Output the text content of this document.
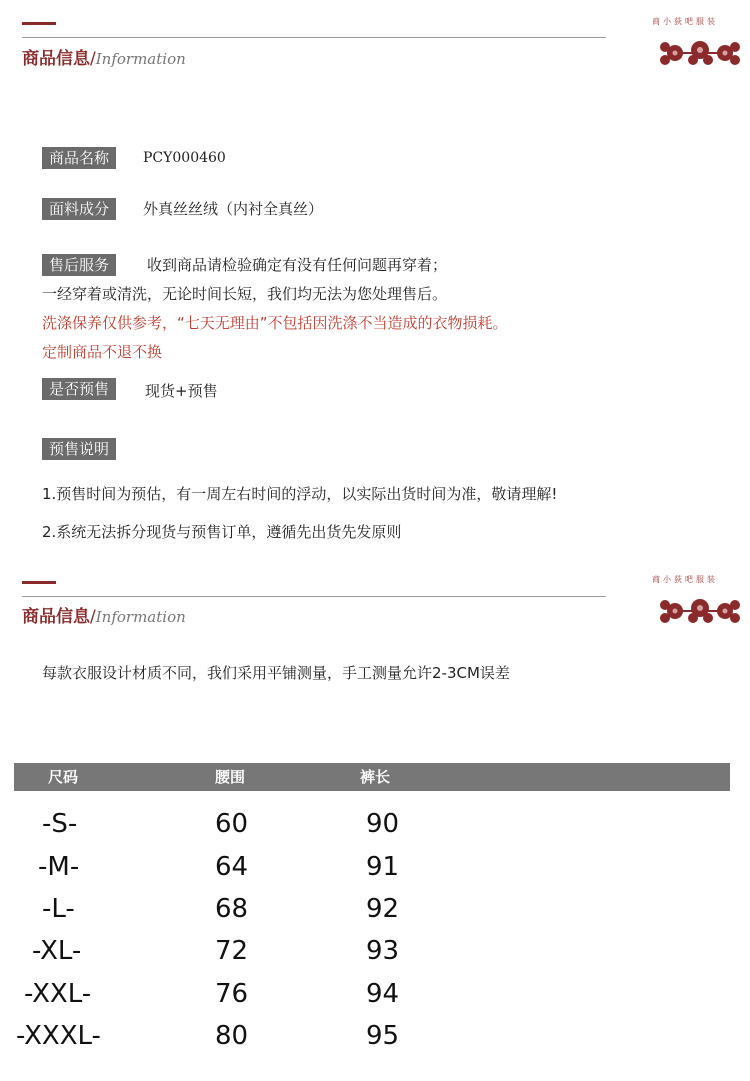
商品信息/Information
商小荻吧服装
商品名称	PCY000460
面料成分	外真丝丝绒（内衬全真丝）
售后服务	收到商品请检验确定有没有任何问题再穿着；
一经穿着或清洗，无论时间长短，我们均无法为您处理售后。
洗涤保养仅供参考，“七天无理由”不包括因洗涤不当造成的衣物损耗。
定制商品不退不换
是否预售	现货+预售
预售说明
1.预售时间为预估，有一周左右时间的浮动，以实际出货时间为准，敬请理解!
2.系统无法拆分现货与预售订单，遵循先出货先发原则
商品信息/Information
商小荻吧服装
每款衣服设计材质不同，我们采用平铺测量，手工测量允许2-3CM误差
尺码	腰围	裤长
-S-	60	90
-M-	64	91
-L-	68	92
-XL-	72	93
-XXL-	76	94
-XXXL-	80	95
